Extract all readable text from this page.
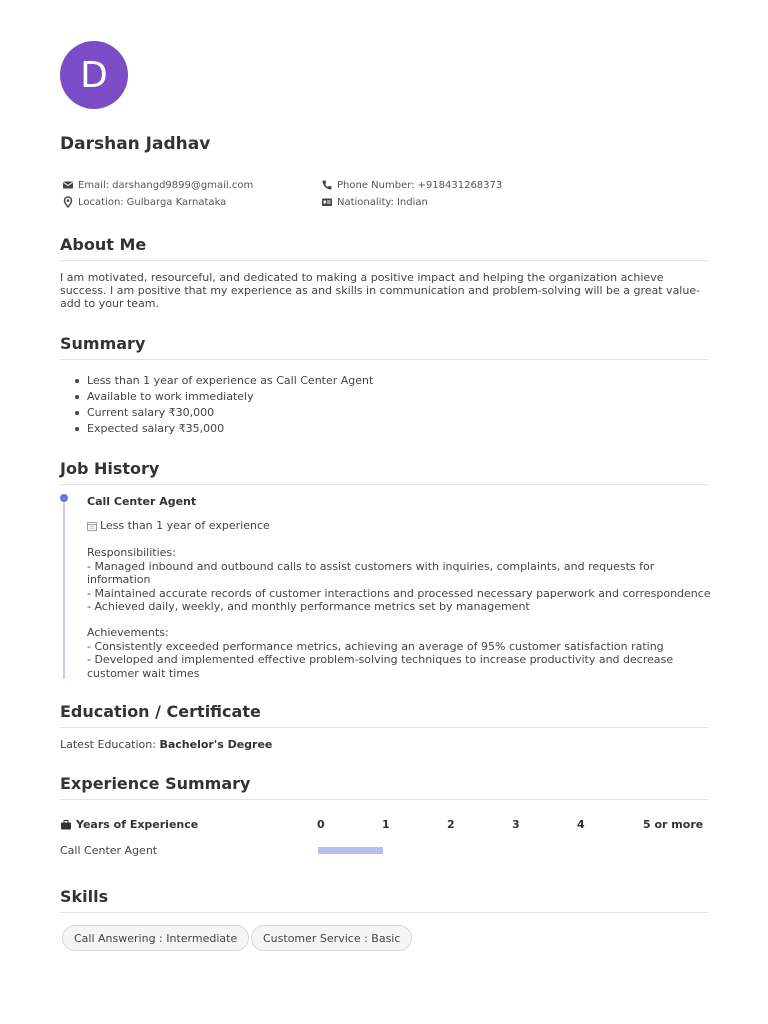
D
Darshan Jadhav
Email: darshangd9899@gmail.com	Phone Number: +918431268373
Location: Gulbarga Karnataka	Nationality: Indian
About Me
I am motivated, resourceful, and dedicated to making a positive impact and helping the organization achieve success. I am positive that my experience as and skills in communication and problem-solving will be a great value-add to your team.
Summary
Less than 1 year of experience as Call Center Agent
Available to work immediately
Current salary ₹30,000
Expected salary ₹35,000
Job History
Call Center Agent
Less than 1 year of experience
Responsibilities:
- Managed inbound and outbound calls to assist customers with inquiries, complaints, and requests for information
- Maintained accurate records of customer interactions and processed necessary paperwork and correspondence
- Achieved daily, weekly, and monthly performance metrics set by management
Achievements:
- Consistently exceeded performance metrics, achieving an average of 95% customer satisfaction rating
- Developed and implemented effective problem-solving techniques to increase productivity and decrease customer wait times
Education / Certificate
Latest Education: Bachelor's Degree
Experience Summary
Years of Experience	0	1	2	3	4	5 or more
Call Center Agent
Skills
Call Answering : Intermediate	Customer Service : Basic
